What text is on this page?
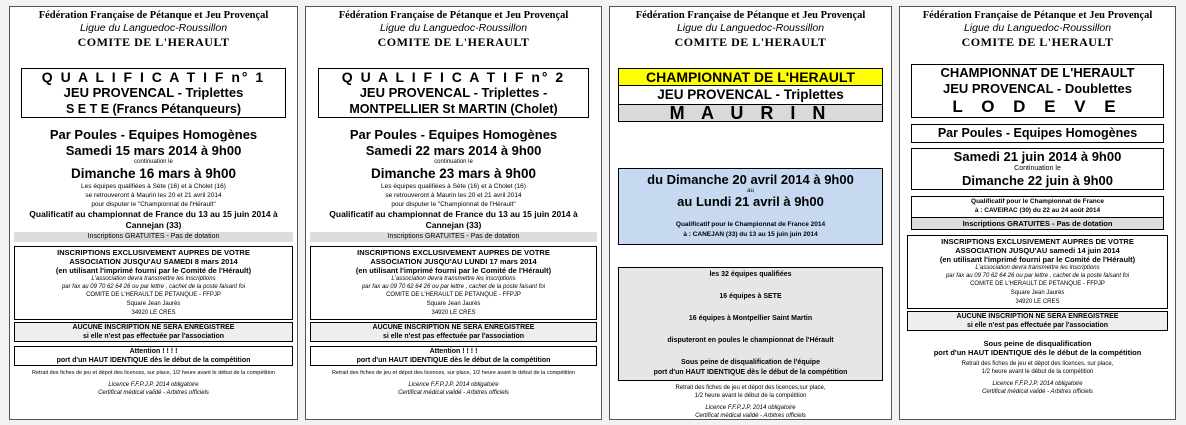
Fédération Française de Pétanque et Jeu Provençal
Ligue du Languedoc-Roussillon
COMITE DE L'HERAULT
Q U A L I F I C A T I F n° 1
JEU PROVENCAL - Triplettes
S E T E (Francs Pétanqueurs)
Par Poules - Equipes Homogènes
Samedi 15 mars 2014 à 9h00
continuation le
Dimanche 16 mars à 9h00
Les équipes qualifiées à Sète (16) et à Cholet (16)
se retrouveront à Maurin les 20 et 21 avril 2014
pour disputer le "Championnat de l'Hérault"
Qualificatif au championnat de France du 13 au 15 juin 2014 à
Cannejan (33)
Inscriptions GRATUITES - Pas de dotation
INSCRIPTIONS EXCLUSIVEMENT AUPRES DE VOTRE
ASSOCIATION JUSQU'AU SAMEDI 8 mars 2014
(en utilisant l'imprimé fourni par le Comité de l'Hérault)
L'association devra transmettre les inscriptions
par fax au 09 70 62 64 26 ou par lettre , cachet de la poste faisant foi
COMITE DE L'HERAULT DE PETANQUE - FFPJP
Square Jean Jaurès
34920 LE CRES
AUCUNE INSCRIPTION NE SERA ENREGISTREE
si elle n'est pas effectuée par l'association
Attention ! ! ! !
port d'un HAUT IDENTIQUE dès le début de la compétition
Retrait des fiches de jeu et dépot des licences, sur place, 1/2 heure avant le début de la compétition
Licence F.F.P.J.P. 2014 obligatoire
Certificat médical validé - Arbitres officiels
Fédération Française de Pétanque et Jeu Provençal
Ligue du Languedoc-Roussillon
COMITE DE L'HERAULT
Q U A L I F I C A T I F n° 2
JEU PROVENCAL - Triplettes -
MONTPELLIER St MARTIN (Cholet)
Par Poules - Equipes Homogènes
Samedi 22 mars 2014 à 9h00
continuation le
Dimanche 23 mars à 9h00
Les équipes qualifiées à Sète (16) et à Cholet (16)
se retrouveront à Maurin les 20 et 21 avril 2014
pour disputer le "Championnat de l'Hérault"
Qualificatif au championnat de France du 13 au 15 juin 2014 à
Cannejan (33)
Inscriptions GRATUITES - Pas de dotation
INSCRIPTIONS EXCLUSIVEMENT AUPRES DE VOTRE
ASSOCIATION JUSQU'AU LUNDI 17 mars 2014
(en utilisant l'imprimé fourni par le Comité de l'Hérault)
L'association devra transmettre les inscriptions
par fax au 09 70 62 64 26 ou par lettre , cachet de la poste faisant foi
COMITE DE L'HERAULT DE PETANQUE - FFPJP
Square Jean Jaurès
34920 LE CRES
AUCUNE INSCRIPTION NE SERA ENREGISTREE
si elle n'est pas effectuée par l'association
Attention ! ! ! !
port d'un HAUT IDENTIQUE dès le début de la compétition
Retrait des fiches de jeu et dépot des licences, sur place, 1/2 heure avant le début de la compétition
Licence F.F.P.J.P. 2014 obligatoire
Certificat médical validé - Arbitres officiels
Fédération Française de Pétanque et Jeu Provençal
Ligue du Languedoc-Roussillon
COMITE DE L'HERAULT
CHAMPIONNAT DE L'HERAULT
JEU PROVENCAL - Triplettes
M A U R I N
du Dimanche 20 avril 2014 à 9h00
au
au Lundi 21 avril à 9h00
Qualificatif pour le Championnat de France 2014
à : CANEJAN (33) du 13 au 15 juin juin 2014
les 32 équipes qualifiées
16 équipes à SETE
16 équipes à Montpellier Saint Martin
disputeront en poules le championnat de l'Hérault
Sous peine de disqualification de l'équipe
port d'un HAUT IDENTIQUE dès le début de la compétition
Retrait des fiches de jeu et dépot des licences,sur place,
1/2 heure avant le début de la compétition
Licence F.F.P.J.P. 2014 obligatoire
Certificat médical validé - Arbitres officiels
Fédération Française de Pétanque et Jeu Provençal
Ligue du Languedoc-Roussillon
COMITE DE L'HERAULT
CHAMPIONNAT DE L'HERAULT
JEU PROVENCAL - Doublettes
L O D E V E
Par Poules - Equipes Homogènes
Samedi 21 juin 2014 à 9h00
Continuation le
Dimanche 22 juin à 9h00
Qualificatif pour le Championnat de France
à : CAVEIRAC (30) du 22 au 24 août 2014
Inscriptions GRATUITES - Pas de dotation
INSCRIPTIONS EXCLUSIVEMENT AUPRES DE VOTRE
ASSOCIATION JUSQU'AU samedi 14 juin 2014
(en utilisant l'imprimé fourni par le Comité de l'Hérault)
L'association devra transmettre les inscriptions
par fax au 09 70 62 64 26 ou par lettre , cachet de la poste faisant foi
COMITE DE L'HERAULT DE PETANQUE - FFPJP
Square Jean Jaurès
34920 LE CRES
AUCUNE INSCRIPTION NE SERA ENREGISTREE
si elle n'est pas effectuée par l'association
Sous peine de disqualification
port d'un HAUT IDENTIQUE dès le début de la compétition
Retrait des fiches de jeu et dépot des licences, sur place,
1/2 heure avant le début de la compétition
Licence F.F.P.J.P. 2014 obligatoire
Certificat médical validé - Arbitres officiels
